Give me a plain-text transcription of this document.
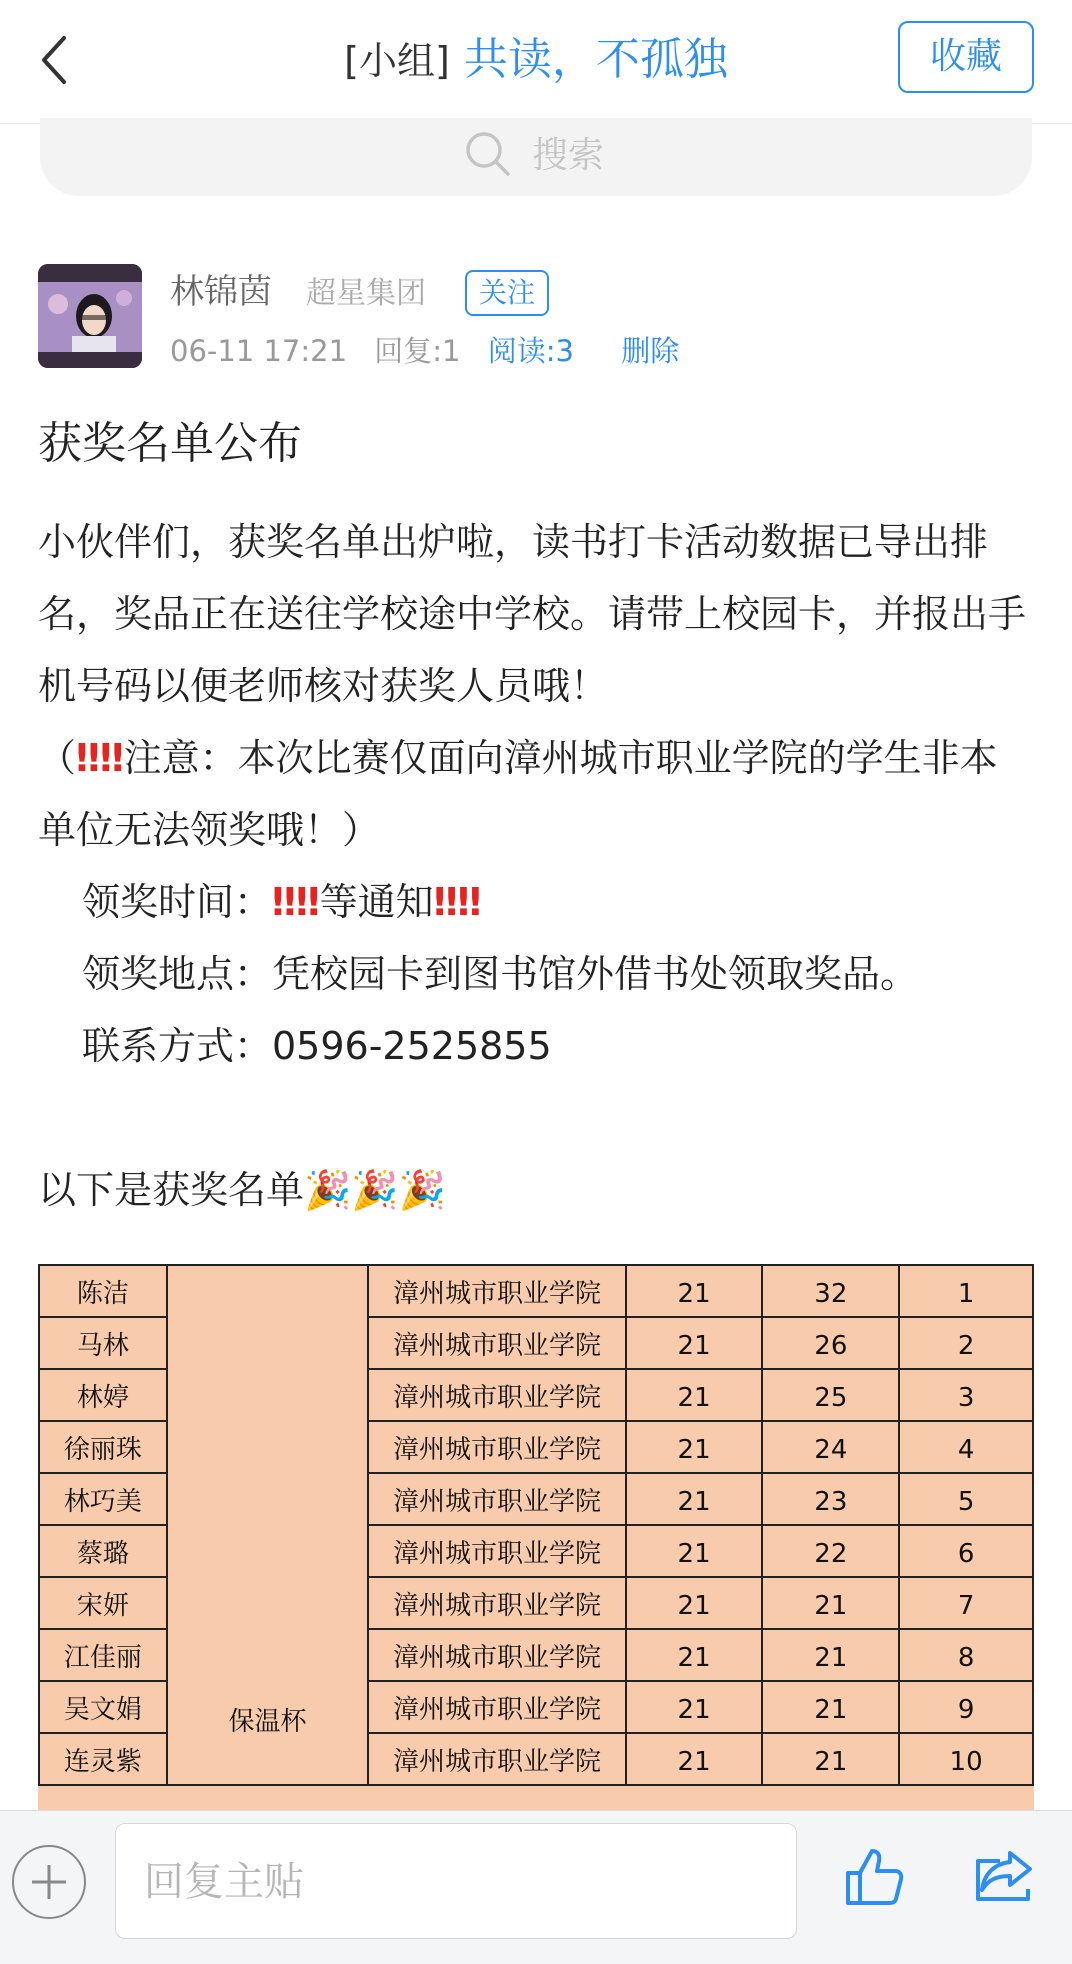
[小组] 共读，不孤独	收藏
搜索
林锦茵 超星集团	关注
06-11 17:21 回复:1 阅读:3 删除
获奖名单公布

小伙伴们，获奖名单出炉啦，读书打卡活动数据已导出排名，奖品正在送往学校途中学校。请带上校园卡，并报出手机号码以便老师核对获奖人员哦！

（‼‼注意：本次比赛仅面向漳州城市职业学院的学生非本单位无法领奖哦！）

领奖时间：‼‼等通知‼‼

领奖地点：凭校园卡到图书馆外借书处领取奖品。

联系方式：0596-2525855

以下是获奖名单🎉🎉🎉

陈洁	保温杯	漳州城市职业学院	21	32	1
马林		漳州城市职业学院	21	26	2
林婷		漳州城市职业学院	21	25	3
徐丽珠		漳州城市职业学院	21	24	4
林巧美		漳州城市职业学院	21	23	5
蔡璐		漳州城市职业学院	21	22	6
宋妍		漳州城市职业学院	21	21	7
江佳丽		漳州城市职业学院	21	21	8
吴文娟		漳州城市职业学院	21	21	9
连灵紫		漳州城市职业学院	21	21	10
回复主贴
